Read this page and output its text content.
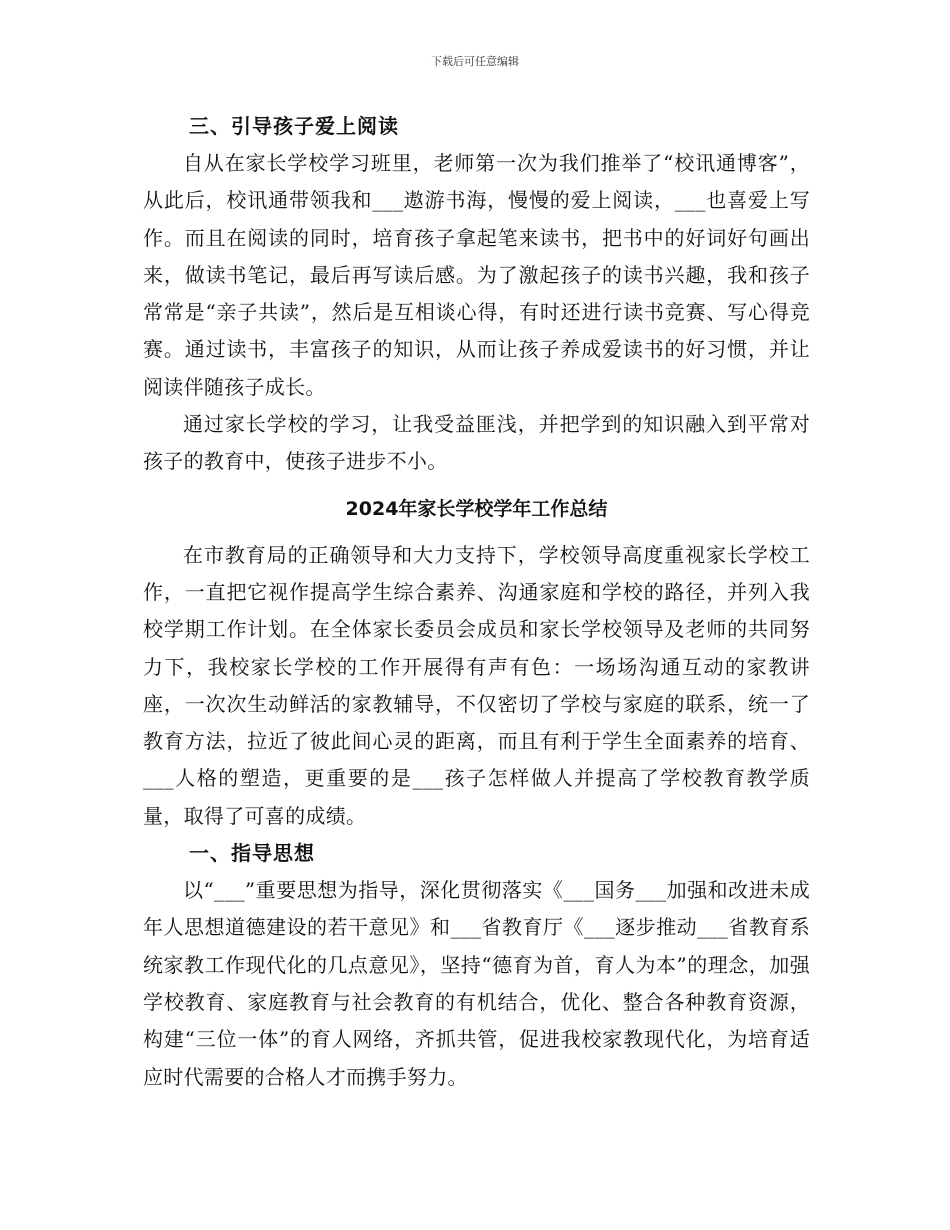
下载后可任意编辑
三、引导孩子爱上阅读

自从在家长学校学习班里，老师第一次为我们推举了“校讯通博客”，从此后，校讯通带领我和___遨游书海，慢慢的爱上阅读，___也喜爱上写作。而且在阅读的同时，培育孩子拿起笔来读书，把书中的好词好句画出来，做读书笔记，最后再写读后感。为了激起孩子的读书兴趣，我和孩子常常是“亲子共读”，然后是互相谈心得，有时还进行读书竞赛、写心得竞赛。通过读书，丰富孩子的知识，从而让孩子养成爱读书的好习惯，并让阅读伴随孩子成长。

通过家长学校的学习，让我受益匪浅，并把学到的知识融入到平常对孩子的教育中，使孩子进步不小。

2024年家长学校学年工作总结

在市教育局的正确领导和大力支持下，学校领导高度重视家长学校工作，一直把它视作提高学生综合素养、沟通家庭和学校的路径，并列入我校学期工作计划。在全体家长委员会成员和家长学校领导及老师的共同努力下，我校家长学校的工作开展得有声有色：一场场沟通互动的家教讲座，一次次生动鲜活的家教辅导，不仅密切了学校与家庭的联系，统一了教育方法，拉近了彼此间心灵的距离，而且有利于学生全面素养的培育、___人格的塑造，更重要的是___孩子怎样做人并提高了学校教育教学质量，取得了可喜的成绩。

一、指导思想

以“___”重要思想为指导，深化贯彻落实《___国务___加强和改进未成年人思想道德建设的若干意见》和___省教育厅《___逐步推动___省教育系统家教工作现代化的几点意见》，坚持“德育为首，育人为本”的理念，加强学校教育、家庭教育与社会教育的有机结合，优化、整合各种教育资源，构建“三位一体”的育人网络，齐抓共管，促进我校家教现代化，为培育适应时代需要的合格人才而携手努力。
